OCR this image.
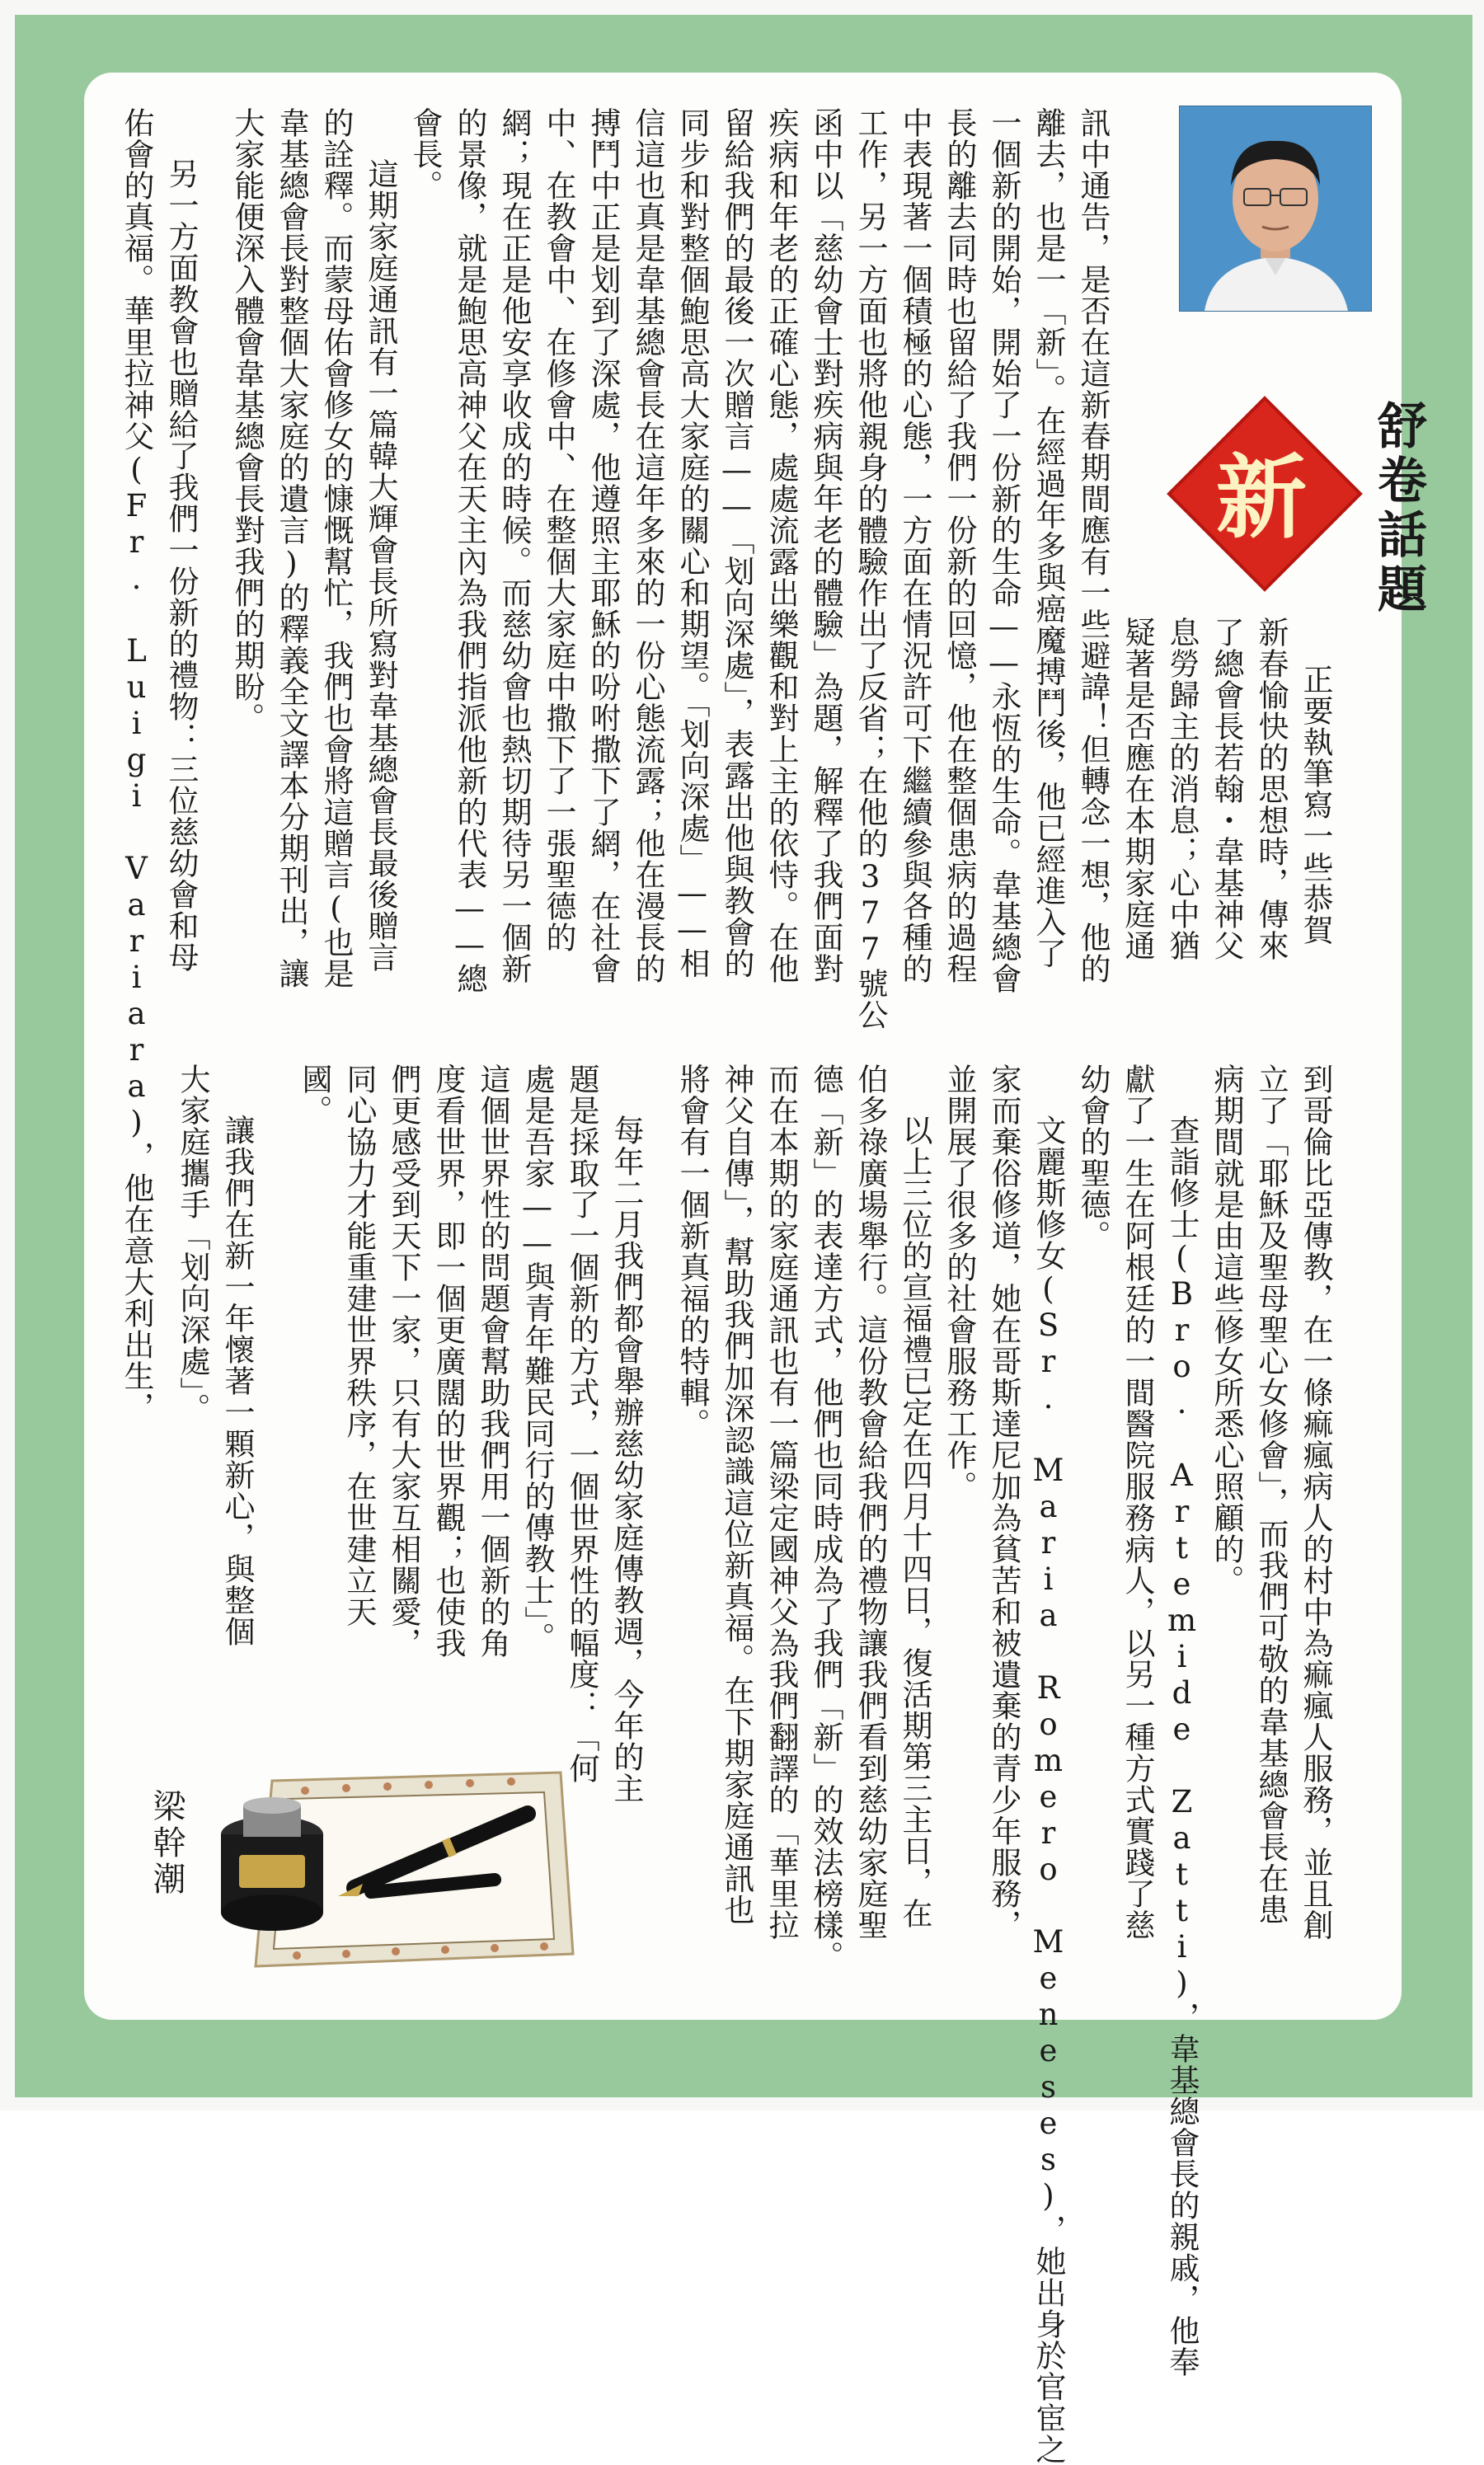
舒卷話題
新
正要執筆寫一些恭賀
新春愉快的思想時，傳來
了總會長若翰・韋基神父
息勞歸主的消息；心中猶
疑著是否應在本期家庭通
訊中通告，是否在這新春期間應有一些避諱！但轉念一想，他的
離去，也是一「新」。在經過年多與癌魔搏鬥後，他已經進入了
一個新的開始，開始了一份新的生命——永恆的生命。韋基總會
長的離去同時也留給了我們一份新的回憶，他在整個患病的過程
中表現著一個積極的心態，一方面在情況許可下繼續參與各種的
工作，另一方面也將他親身的體驗作出了反省；在他的377號公
函中以「慈幼會士對疾病與年老的體驗」為題，解釋了我們面對
疾病和年老的正確心態，處處流露出樂觀和對上主的依恃。在他
留給我們的最後一次贈言——「划向深處」，表露出他與教會的
同步和對整個鮑思高大家庭的關心和期望。「划向深處」——相
信這也真是韋基總會長在這年多來的一份心態流露；他在漫長的
搏鬥中正是划到了深處，他遵照主耶穌的吩咐撒下了網，在社會
中、在教會中、在修會中、在整個大家庭中撒下了一張聖德的
網；現在正是他安享收成的時候。而慈幼會也熱切期待另一個新
的景像，就是鮑思高神父在天主內為我們指派他新的代表——總
會長。
這期家庭通訊有一篇韓大輝會長所寫對韋基總會長最後贈言
的詮釋。而蒙母佑會修女的慷慨幫忙，我們也會將這贈言(也是
韋基總會長對整個大家庭的遺言)的釋義全文譯本分期刊出，讓
大家能便深入體會韋基總會長對我們的期盼。
另一方面教會也贈給了我們一份新的禮物：三位慈幼會和母
佑會的真福。華里拉神父(Fr. Luigi Variara)，他在意大利出生，
到哥倫比亞傳教，在一條痲瘋病人的村中為痲瘋人服務，並且創
立了「耶穌及聖母聖心女修會」，而我們可敬的韋基總會長在患
病期間就是由這些修女所悉心照顧的。
查詣修士(Bro. Artemide Zatti)，韋基總會長的親戚，他奉
獻了一生在阿根廷的一間醫院服務病人，以另一種方式實踐了慈
幼會的聖德。
文麗斯修女(Sr. Maria Romero Meneses)，她出身於官宦之
家而棄俗修道，她在哥斯達尼加為貧苦和被遺棄的青少年服務，
並開展了很多的社會服務工作。
以上三位的宣福禮已定在四月十四日，復活期第三主日，在
伯多祿廣場舉行。這份教會給我們的禮物讓我們看到慈幼家庭聖
德「新」的表達方式，他們也同時成為了我們「新」的效法榜樣。
而在本期的家庭通訊也有一篇梁定國神父為我們翻譯的「華里拉
神父自傳」，幫助我們加深認識這位新真福。在下期家庭通訊也
將會有一個新真福的特輯。
每年二月我們都會舉辦慈幼家庭傳教週，今年的主
題是採取了一個新的方式，一個世界性的幅度：「何
處是吾家——與青年難民同行的傳教士」。
這個世界性的問題會幫助我們用一個新的角
度看世界，即一個更廣闊的世界觀；也使我
們更感受到天下一家，只有大家互相關愛，
同心協力才能重建世界秩序，在世建立天
國。
讓我們在新一年懷著一顆新心，與整個
大家庭攜手「划向深處」。
梁幹潮
